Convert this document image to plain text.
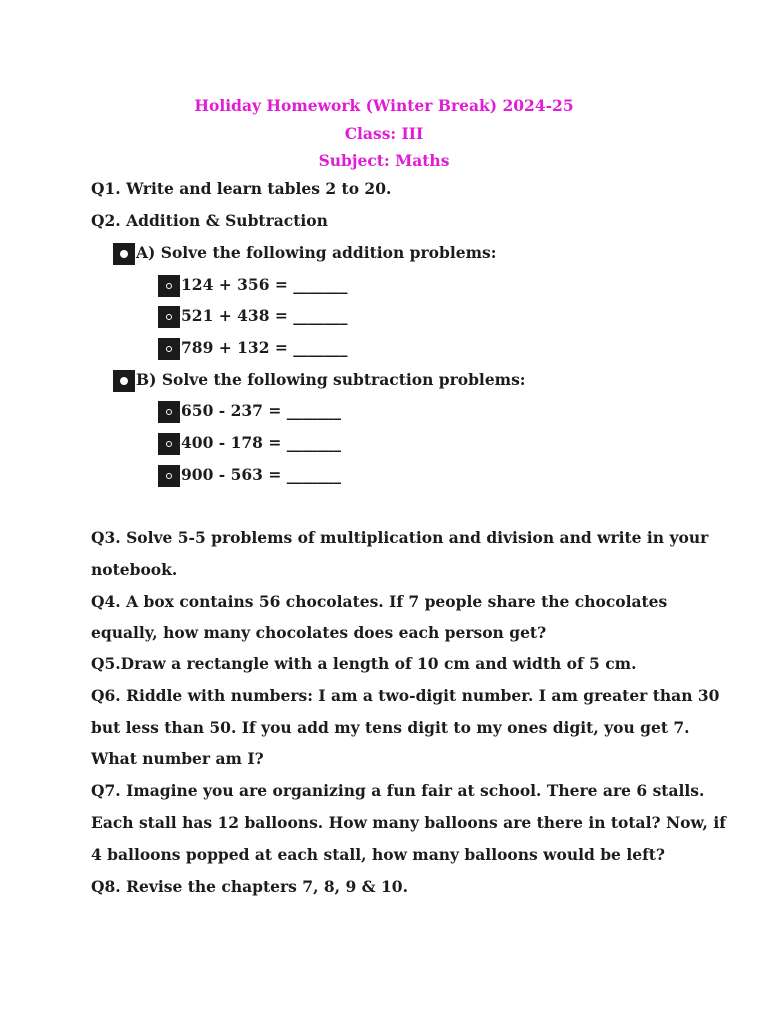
Holiday Homework (Winter Break) 2024-25
Class: III
Subject: Maths
Q1. Write and learn tables 2 to 20.
Q2. Addition & Subtraction
A) Solve the following addition problems:
124 + 356 = _______
521 + 438 = _______
789 + 132 = _______
B) Solve the following subtraction problems:
650 - 237 = _______
400 - 178 = _______
900 - 563 = _______
Q3. Solve 5-5 problems of multiplication and division and write in your
notebook.
Q4. A box contains 56 chocolates. If 7 people share the chocolates
equally, how many chocolates does each person get?
Q5.Draw a rectangle with a length of 10 cm and width of 5 cm.
Q6. Riddle with numbers: I am a two-digit number. I am greater than 30
but less than 50. If you add my tens digit to my ones digit, you get 7.
What number am I?
Q7. Imagine you are organizing a fun fair at school. There are 6 stalls.
Each stall has 12 balloons. How many balloons are there in total? Now, if
4 balloons popped at each stall, how many balloons would be left?
Q8. Revise the chapters 7, 8, 9 & 10.
